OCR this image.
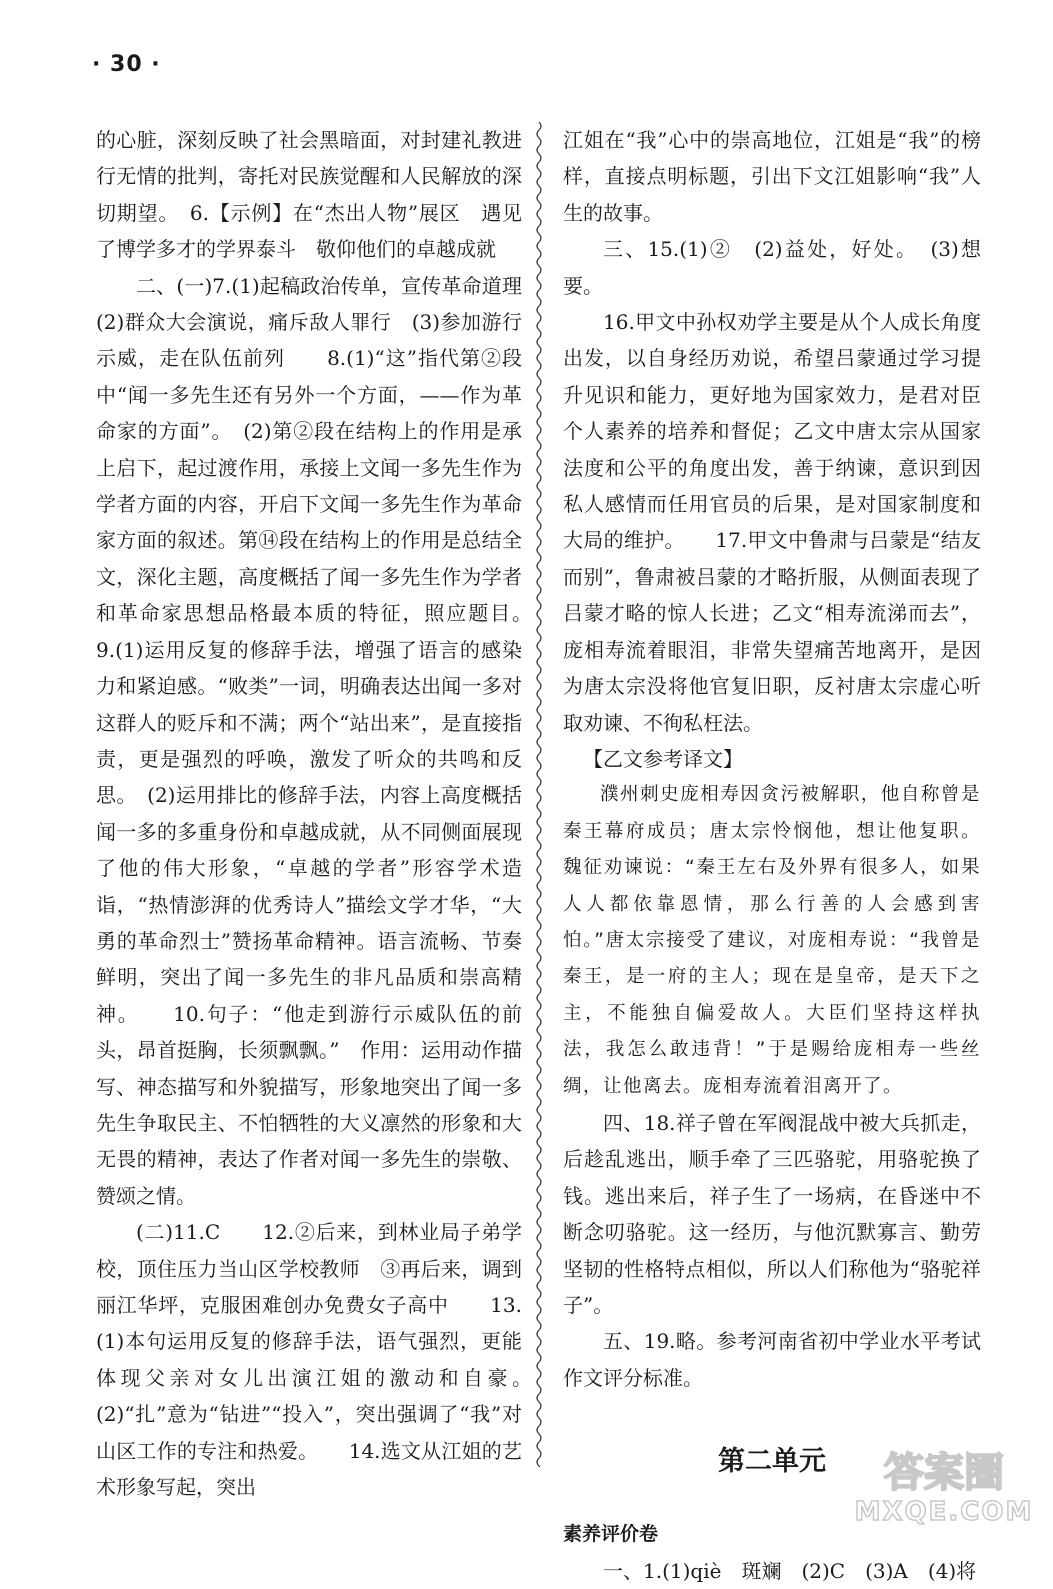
· 30 ·

的心脏，深刻反映了社会黑暗面，对封建礼教进行无情的批判，寄托对民族觉醒和人民解放的深切期望。　6.【示例】在“杰出人物”展区　遇见了博学多才的学界泰斗　敬仰他们的卓越成就

二、(一)7.(1)起稿政治传单，宣传革命道理　(2)群众大会演说，痛斥敌人罪行　(3)参加游行示威，走在队伍前列　　8.(1)“这”指代第②段中“闻一多先生还有另外一个方面，——作为革命家的方面”。　(2)第②段在结构上的作用是承上启下，起过渡作用，承接上文闻一多先生作为学者方面的内容，开启下文闻一多先生作为革命家方面的叙述。第⑭段在结构上的作用是总结全文，深化主题，高度概括了闻一多先生作为学者和革命家思想品格最本质的特征，照应题目。　　9.(1)运用反复的修辞手法，增强了语言的感染力和紧迫感。“败类”一词，明确表达出闻一多对这群人的贬斥和不满；两个“站出来”，是直接指责，更是强烈的呼唤，激发了听众的共鸣和反思。　(2)运用排比的修辞手法，内容上高度概括闻一多的多重身份和卓越成就，从不同侧面展现了他的伟大形象，“卓越的学者”形容学术造诣，“热情澎湃的优秀诗人”描绘文学才华，“大勇的革命烈士”赞扬革命精神。语言流畅、节奏鲜明，突出了闻一多先生的非凡品质和崇高精神。　　10.句子：“他走到游行示威队伍的前头，昂首挺胸，长须飘飘。”　作用：运用动作描写、神态描写和外貌描写，形象地突出了闻一多先生争取民主、不怕牺牲的大义凛然的形象和大无畏的精神，表达了作者对闻一多先生的崇敬、赞颂之情。

(二)11.C　　12.②后来，到林业局子弟学校，顶住压力当山区学校教师　③再后来，调到丽江华坪，克服困难创办免费女子高中　　13.(1)本句运用反复的修辞手法，语气强烈，更能体现父亲对女儿出演江姐的激动和自豪。　(2)“扎”意为“钻进”“投入”，突出强调了“我”对山区工作的专注和热爱。　　14.选文从江姐的艺术形象写起，突出

江姐在“我”心中的崇高地位，江姐是“我”的榜样，直接点明标题，引出下文江姐影响“我”人生的故事。

三、15.(1)②　(2)益处，好处。　(3)想要。

16.甲文中孙权劝学主要是从个人成长角度出发，以自身经历劝说，希望吕蒙通过学习提升见识和能力，更好地为国家效力，是君对臣个人素养的培养和督促；乙文中唐太宗从国家法度和公平的角度出发，善于纳谏，意识到因私人感情而任用官员的后果，是对国家制度和大局的维护。　　17.甲文中鲁肃与吕蒙是“结友而别”，鲁肃被吕蒙的才略折服，从侧面表现了吕蒙才略的惊人长进；乙文“相寿流涕而去”，庞相寿流着眼泪，非常失望痛苦地离开，是因为唐太宗没将他官复旧职，反衬唐太宗虚心听取劝谏、不徇私枉法。

【乙文参考译文】

濮州刺史庞相寿因贪污被解职，他自称曾是秦王幕府成员；唐太宗怜悯他，想让他复职。魏征劝谏说：“秦王左右及外界有很多人，如果人人都依靠恩情，那么行善的人会感到害怕。”唐太宗接受了建议，对庞相寿说：“我曾是秦王，是一府的主人；现在是皇帝，是天下之主，不能独自偏爱故人。大臣们坚持这样执法，我怎么敢违背！”于是赐给庞相寿一些丝绸，让他离去。庞相寿流着泪离开了。

四、18.祥子曾在军阀混战中被大兵抓走，后趁乱逃出，顺手牵了三匹骆驼，用骆驼换了钱。逃出来后，祥子生了一场病，在昏迷中不断念叨骆驼。这一经历，与他沉默寡言、勤劳坚韧的性格特点相似，所以人们称他为“骆驼祥子”。

五、19.略。参考河南省初中学业水平考试作文评分标准。

第二单元

素养评价卷

一、1.(1)qiè　斑斓　(2)C　(3)A　(4)将

答案圈
MXQE.COM
